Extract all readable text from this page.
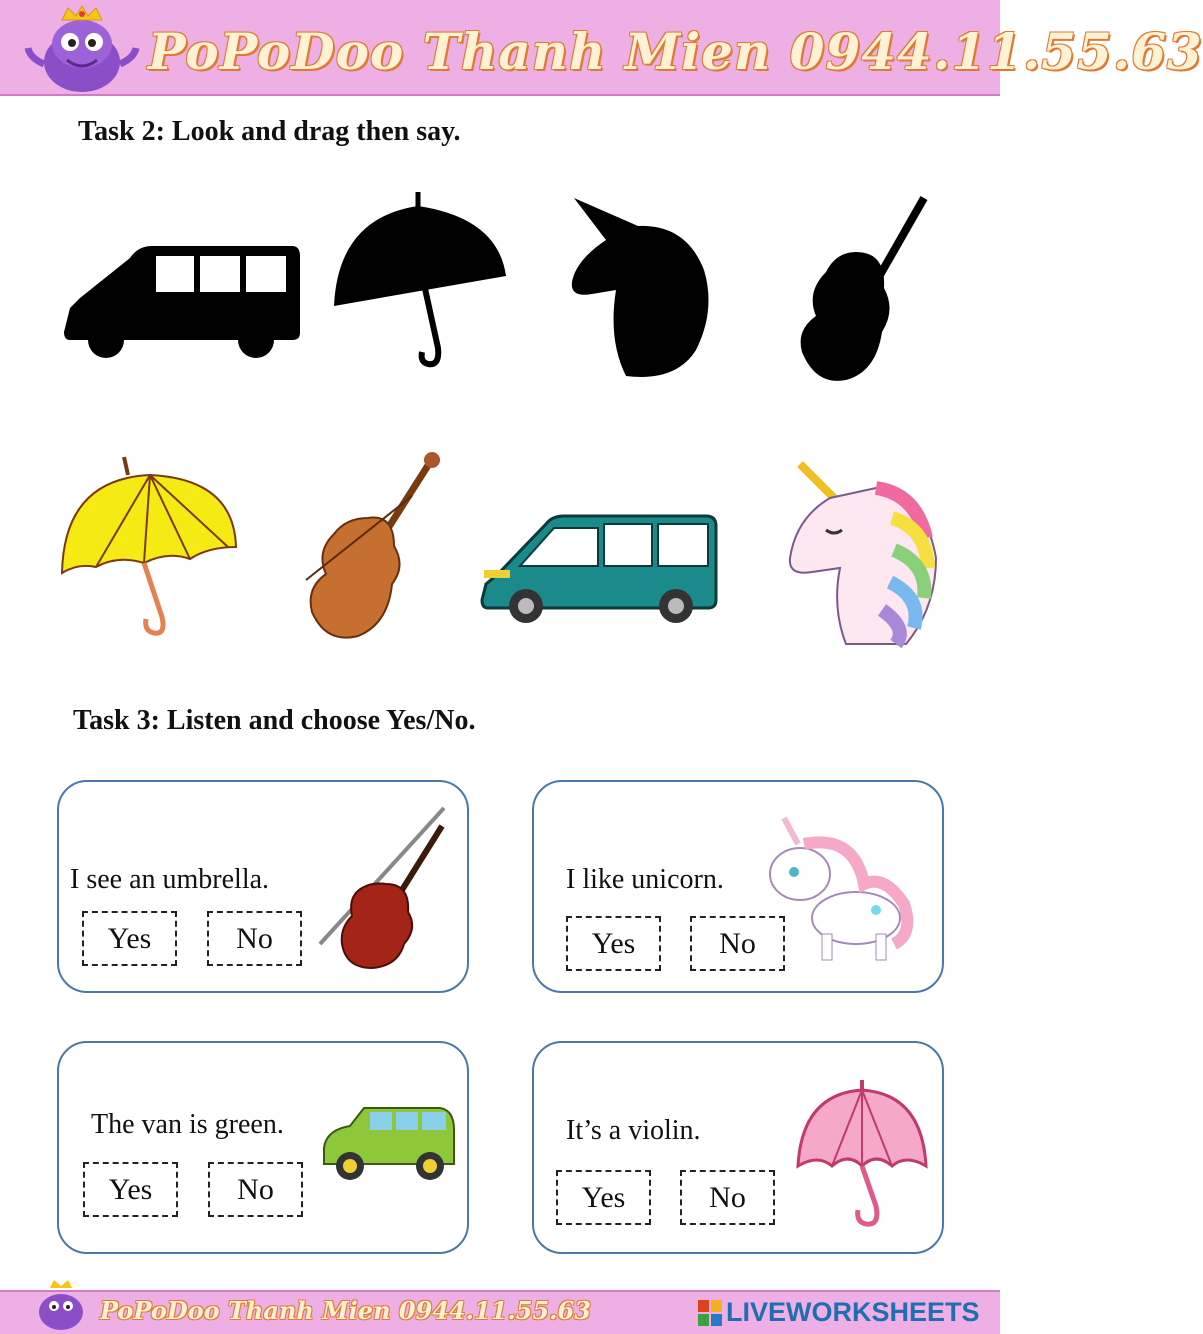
PoPoDoo Thanh Mien 0944.11.55.63
Task 2: Look and drag then say.
Task 3: Listen and choose Yes/No.
I see an umbrella.
Yes	No
I like unicorn.
Yes	No
The van is green.
Yes	No
It’s a violin.
Yes	No
PoPoDoo Thanh Mien 0944.11.55.63	LIVEWORKSHEETS
